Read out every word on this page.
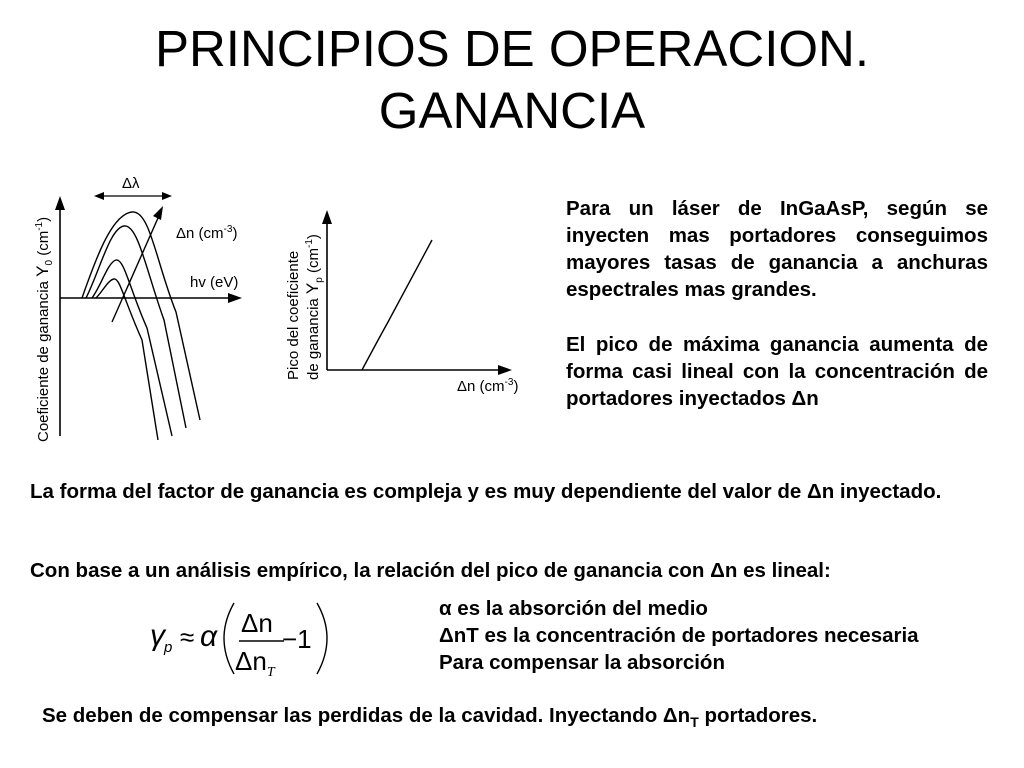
PRINCIPIOS DE OPERACION.
GANANCIA
Δλ
Δn $(cm^{-3})$
hv (eV)
Coeficiente de ganancia $Y_0$ $(cm^{-1})$
Δn $(cm^{-3})$
Pico del coeficiente de ganancia $Y_p$ $(cm^{-1})$
Para un láser de InGaAsP, según se inyecten mas portadores conseguimos mayores tasas de ganancia a anchuras espectrales mas grandes.
El pico de máxima ganancia aumenta de forma casi lineal con la concentración de portadores inyectados Δn
La forma del factor de ganancia es compleja y es muy dependiente del valor de Δn inyectado.
Con base a un análisis empírico, la relación del pico de ganancia con Δn es lineal:
γ p ≈ α Δn
$\Delta n_T$
−1
α es la absorción del medio
ΔnT es la concentración de portadores necesaria
Para compensar la absorción
Se deben de compensar las perdidas de la cavidad. Inyectando $\Delta n_T$ portadores.
